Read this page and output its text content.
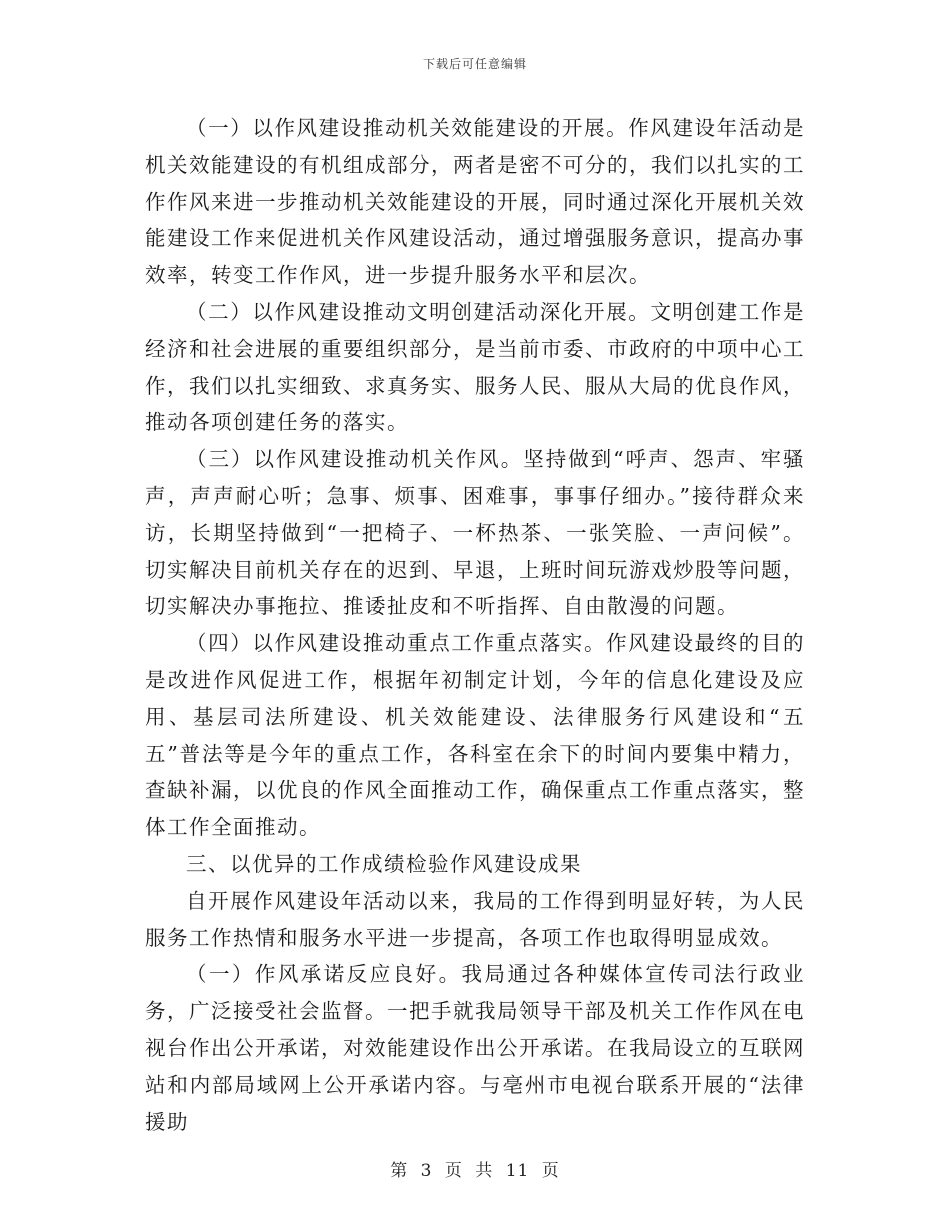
下载后可任意编辑

（一）以作风建设推动机关效能建设的开展。作风建设年活动是机关效能建设的有机组成部分，两者是密不可分的，我们以扎实的工作作风来进一步推动机关效能建设的开展，同时通过深化开展机关效能建设工作来促进机关作风建设活动，通过增强服务意识，提高办事效率，转变工作作风，进一步提升服务水平和层次。

（二）以作风建设推动文明创建活动深化开展。文明创建工作是经济和社会进展的重要组织部分，是当前市委、市政府的中项中心工作，我们以扎实细致、求真务实、服务人民、服从大局的优良作风，推动各项创建任务的落实。

（三）以作风建设推动机关作风。坚持做到“呼声、怨声、牢骚声，声声耐心听；急事、烦事、困难事，事事仔细办。”接待群众来访，长期坚持做到“一把椅子、一杯热茶、一张笑脸、一声问候”。切实解决目前机关存在的迟到、早退，上班时间玩游戏炒股等问题，切实解决办事拖拉、推诿扯皮和不听指挥、自由散漫的问题。

（四）以作风建设推动重点工作重点落实。作风建设最终的目的是改进作风促进工作，根据年初制定计划，今年的信息化建设及应用、基层司法所建设、机关效能建设、法律服务行风建设和“五五”普法等是今年的重点工作，各科室在余下的时间内要集中精力，查缺补漏，以优良的作风全面推动工作，确保重点工作重点落实，整体工作全面推动。

三、以优异的工作成绩检验作风建设成果

自开展作风建设年活动以来，我局的工作得到明显好转，为人民服务工作热情和服务水平进一步提高，各项工作也取得明显成效。

（一）作风承诺反应良好。我局通过各种媒体宣传司法行政业务，广泛接受社会监督。一把手就我局领导干部及机关工作作风在电视台作出公开承诺，对效能建设作出公开承诺。在我局设立的互联网站和内部局域网上公开承诺内容。与亳州市电视台联系开展的“法律援助

第 3 页 共 11 页
